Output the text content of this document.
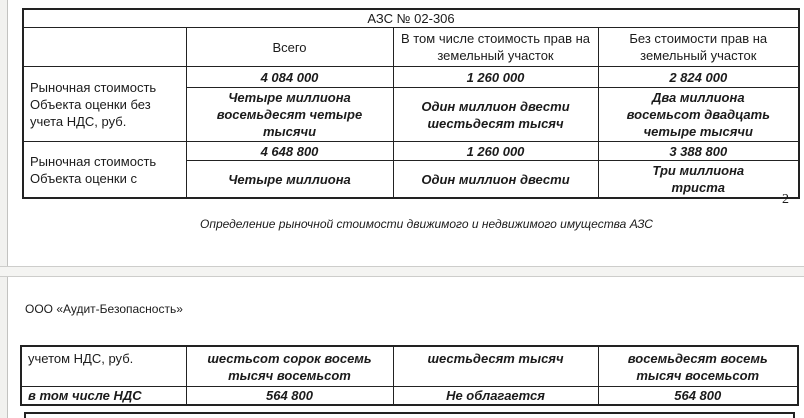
АЗС № 02-306			
	Всего	В том числе стоимость прав на земельный участок	Без стоимости прав на земельный участок
Рыночная стоимость Объекта оценки без учета НДС, руб.	4 084 000	1 260 000	2 824 000
	Четыре миллиона восемьдесят четыре тысячи	Один миллион двести шестьдесят тысяч	Два миллиона восемьсот двадцать четыре тысячи
Рыночная стоимость Объекта оценки с	4 648 800	1 260 000	3 388 800
	Четыре миллиона	Один миллион двести	Три миллиона триста
2
Определение рыночной стоимости движимого и недвижимого имущества АЗС
ООО «Аудит-Безопасность»
учетом НДС, руб.	шестьсот сорок восемь тысяч восемьсот	шестьдесят тысяч	восемьдесят восемь тысяч восемьсот
в том числе НДС	564 800	Не облагается	564 800
